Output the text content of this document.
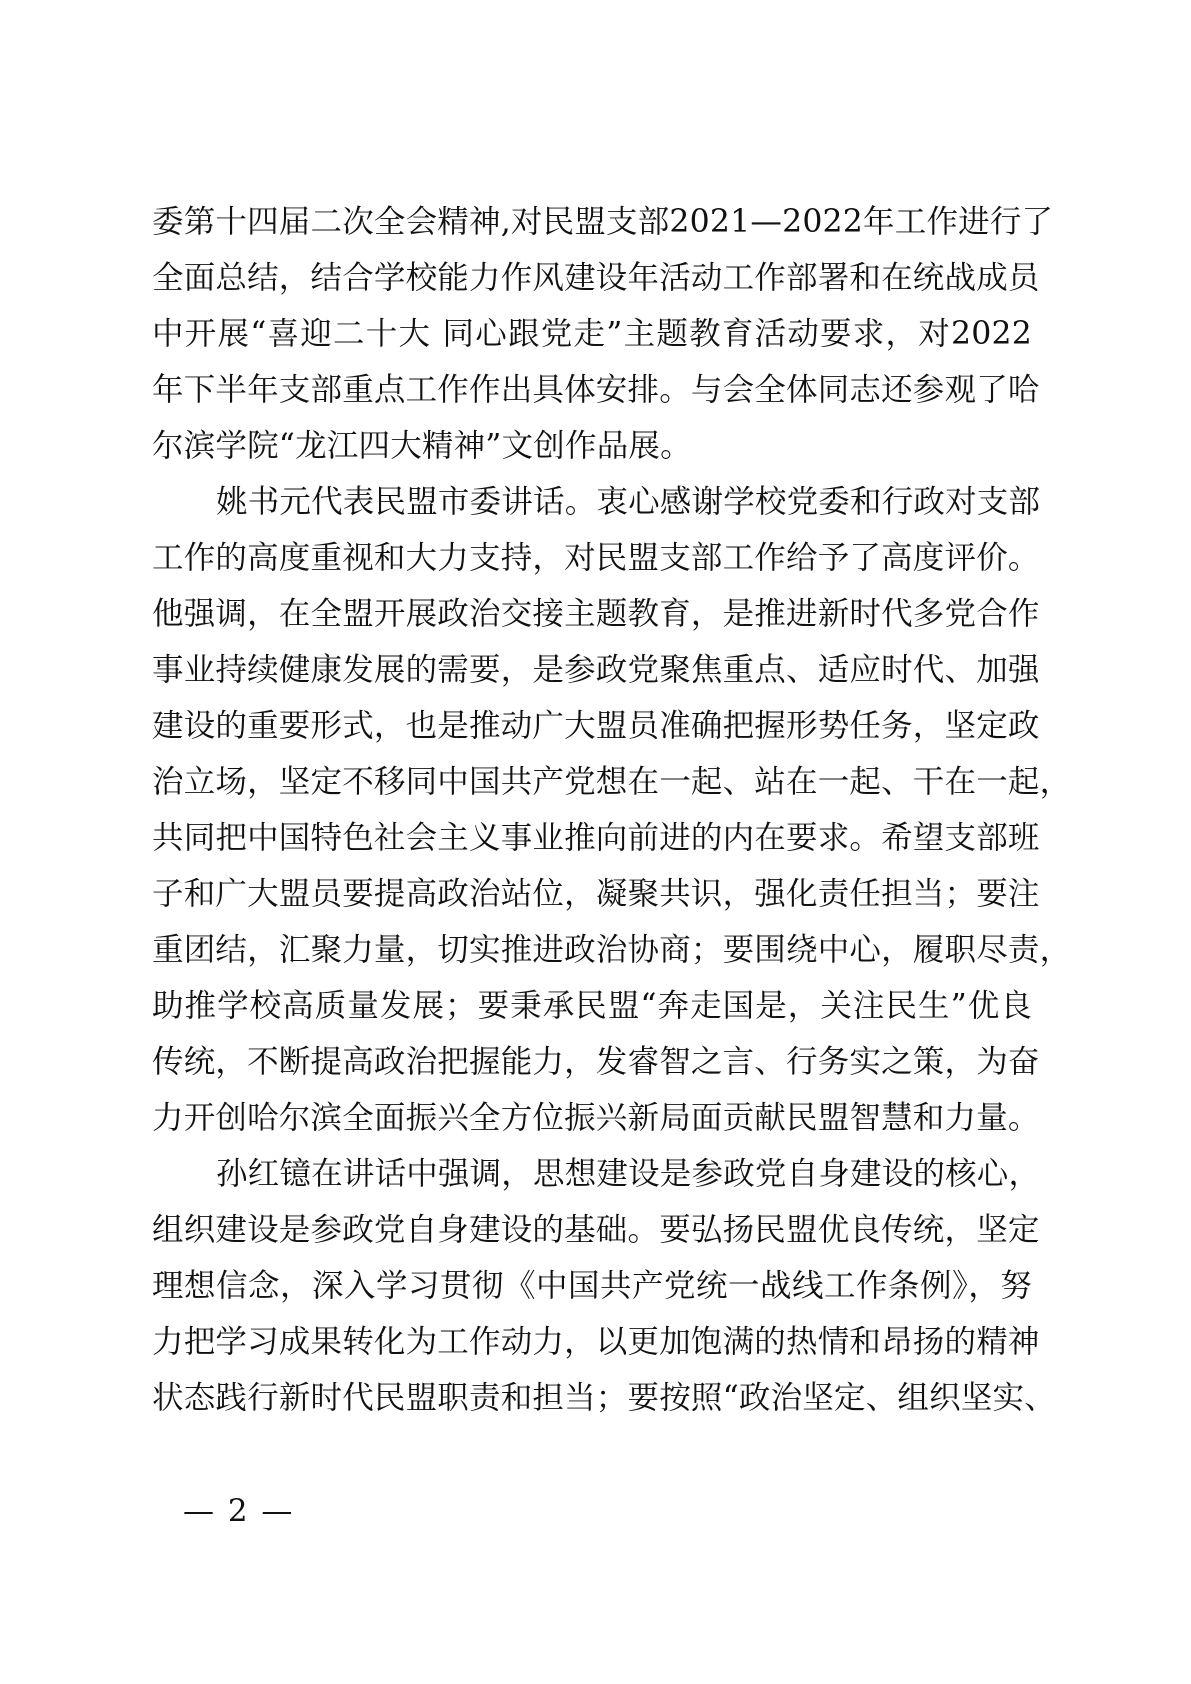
委第十四届二次全会精神,对民盟支部2021—2022年工作进行了
全面总结，结合学校能力作风建设年活动工作部署和在统战成员
中开展“喜迎二十大 同心跟党走”主题教育活动要求，对2022
年下半年支部重点工作作出具体安排。与会全体同志还参观了哈
尔滨学院“龙江四大精神”文创作品展。
姚书元代表民盟市委讲话。衷心感谢学校党委和行政对支部
工作的高度重视和大力支持，对民盟支部工作给予了高度评价。
他强调，在全盟开展政治交接主题教育，是推进新时代多党合作
事业持续健康发展的需要，是参政党聚焦重点、适应时代、加强
建设的重要形式，也是推动广大盟员准确把握形势任务，坚定政
治立场，坚定不移同中国共产党想在一起、站在一起、干在一起，
共同把中国特色社会主义事业推向前进的内在要求。希望支部班
子和广大盟员要提高政治站位，凝聚共识，强化责任担当；要注
重团结，汇聚力量，切实推进政治协商；要围绕中心，履职尽责，
助推学校高质量发展；要秉承民盟“奔走国是，关注民生”优良
传统，不断提高政治把握能力，发睿智之言、行务实之策，为奋
力开创哈尔滨全面振兴全方位振兴新局面贡献民盟智慧和力量。
孙红镱在讲话中强调，思想建设是参政党自身建设的核心，
组织建设是参政党自身建设的基础。要弘扬民盟优良传统，坚定
理想信念，深入学习贯彻《中国共产党统一战线工作条例》，努
力把学习成果转化为工作动力，以更加饱满的热情和昂扬的精神
状态践行新时代民盟职责和担当；要按照“政治坚定、组织坚实、
— 2 —
